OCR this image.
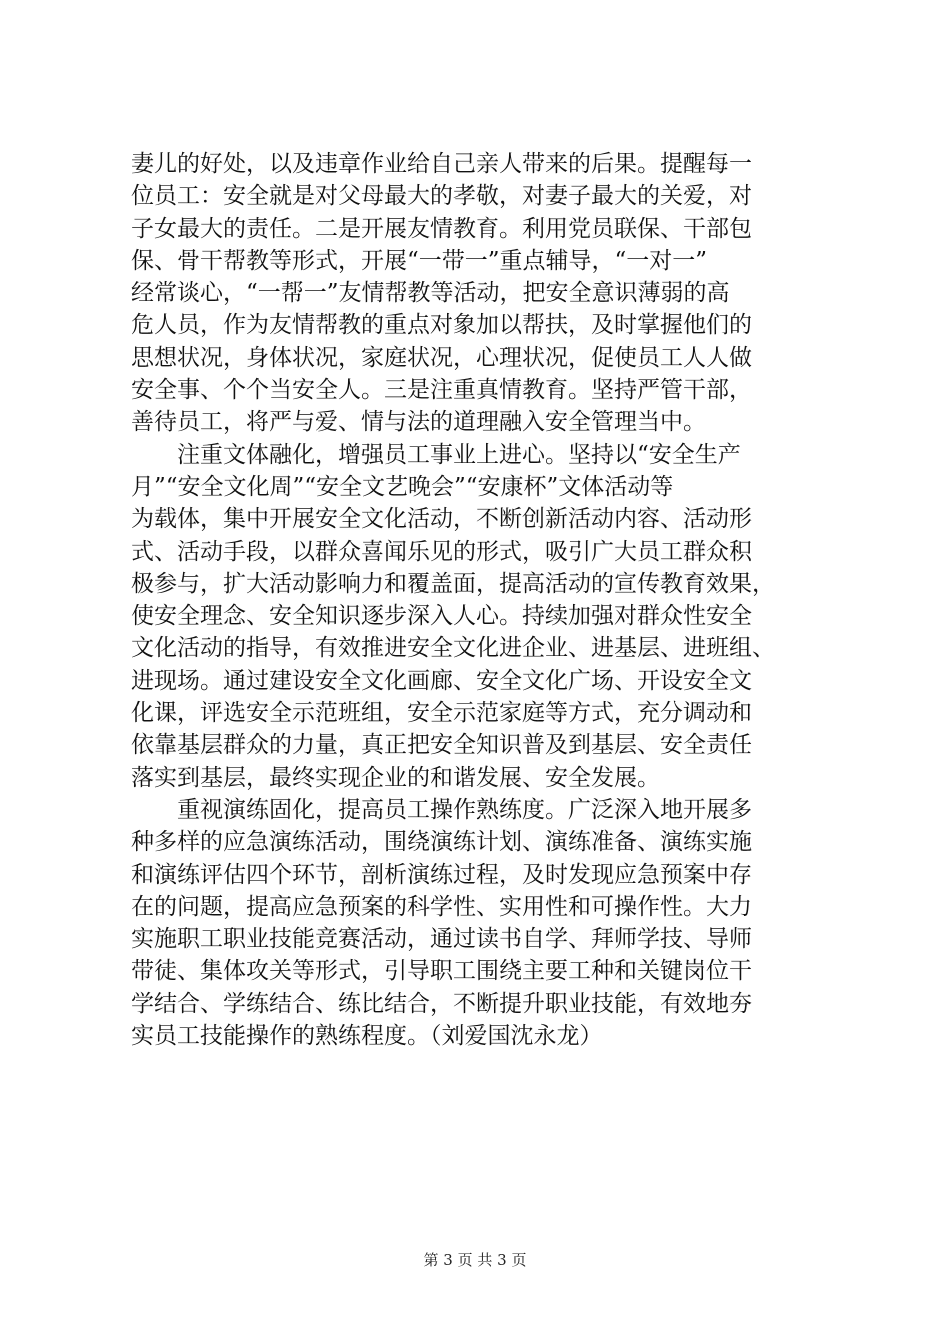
妻儿的好处，以及违章作业给自己亲人带来的后果。提醒每一
位员工：安全就是对父母最大的孝敬，对妻子最大的关爱，对
子女最大的责任。二是开展友情教育。利用党员联保、干部包
保、骨干帮教等形式，开展“一带一”重点辅导，“一对一”
经常谈心，“一帮一”友情帮教等活动，把安全意识薄弱的高
危人员，作为友情帮教的重点对象加以帮扶，及时掌握他们的
思想状况，身体状况，家庭状况，心理状况，促使员工人人做
安全事、个个当安全人。三是注重真情教育。坚持严管干部，
善待员工，将严与爱、情与法的道理融入安全管理当中。
　　注重文体融化，增强员工事业上进心。坚持以“安全生产
月”“安全文化周”“安全文艺晚会”“安康杯”文体活动等
为载体，集中开展安全文化活动，不断创新活动内容、活动形
式、活动手段，以群众喜闻乐见的形式，吸引广大员工群众积
极参与，扩大活动影响力和覆盖面，提高活动的宣传教育效果，
使安全理念、安全知识逐步深入人心。持续加强对群众性安全
文化活动的指导，有效推进安全文化进企业、进基层、进班组、
进现场。通过建设安全文化画廊、安全文化广场、开设安全文
化课，评选安全示范班组，安全示范家庭等方式，充分调动和
依靠基层群众的力量，真正把安全知识普及到基层、安全责任
落实到基层，最终实现企业的和谐发展、安全发展。
　　重视演练固化，提高员工操作熟练度。广泛深入地开展多
种多样的应急演练活动，围绕演练计划、演练准备、演练实施
和演练评估四个环节，剖析演练过程，及时发现应急预案中存
在的问题，提高应急预案的科学性、实用性和可操作性。大力
实施职工职业技能竞赛活动，通过读书自学、拜师学技、导师
带徒、集体攻关等形式，引导职工围绕主要工种和关键岗位干
学结合、学练结合、练比结合，不断提升职业技能，有效地夯
实员工技能操作的熟练程度。（刘爱国沈永龙）
第 3 页 共 3 页
